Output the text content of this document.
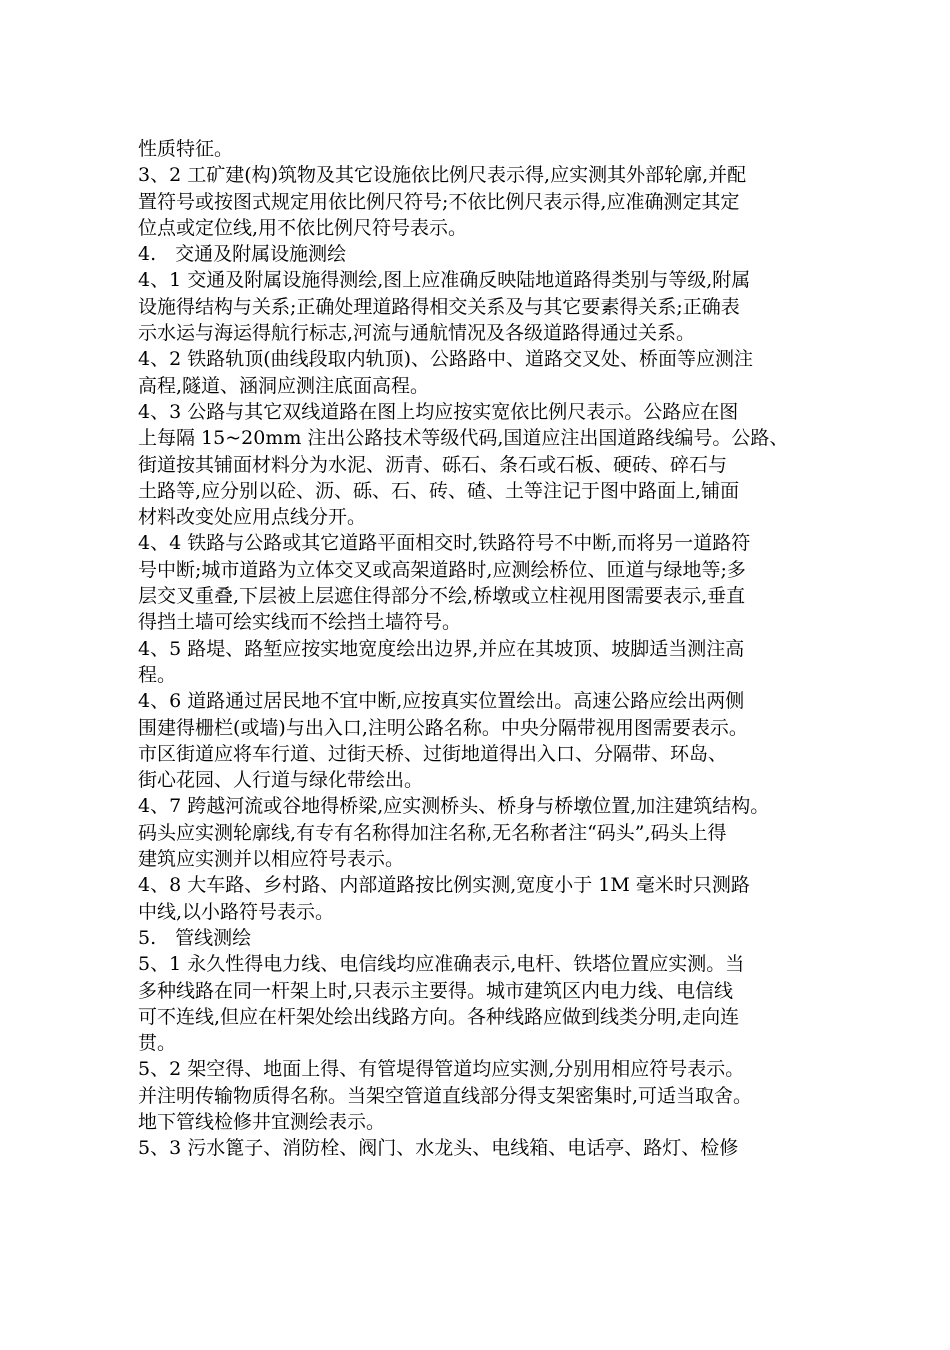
性质特征。
3、2 工矿建(构)筑物及其它设施依比例尺表示得,应实测其外部轮廓,并配
置符号或按图式规定用依比例尺符号;不依比例尺表示得,应准确测定其定
位点或定位线,用不依比例尺符号表示。
4.　交通及附属设施测绘
4、1 交通及附属设施得测绘,图上应准确反映陆地道路得类别与等级,附属
设施得结构与关系;正确处理道路得相交关系及与其它要素得关系;正确表
示水运与海运得航行标志,河流与通航情况及各级道路得通过关系。
4、2 铁路轨顶(曲线段取内轨顶)、公路路中、道路交叉处、桥面等应测注
高程,隧道、涵洞应测注底面高程。
4、3 公路与其它双线道路在图上均应按实宽依比例尺表示。公路应在图
上每隔 15~20mm 注出公路技术等级代码,国道应注出国道路线编号。公路、
街道按其铺面材料分为水泥、沥青、砾石、条石或石板、硬砖、碎石与
土路等,应分别以砼、沥、砾、石、砖、碴、土等注记于图中路面上,铺面
材料改变处应用点线分开。
4、4 铁路与公路或其它道路平面相交时,铁路符号不中断,而将另一道路符
号中断;城市道路为立体交叉或高架道路时,应测绘桥位、匝道与绿地等;多
层交叉重叠,下层被上层遮住得部分不绘,桥墩或立柱视用图需要表示,垂直
得挡土墙可绘实线而不绘挡土墙符号。
4、5 路堤、路堑应按实地宽度绘出边界,并应在其坡顶、坡脚适当测注高
程。
4、6 道路通过居民地不宜中断,应按真实位置绘出。高速公路应绘出两侧
围建得栅栏(或墙)与出入口,注明公路名称。中央分隔带视用图需要表示。
市区街道应将车行道、过街天桥、过街地道得出入口、分隔带、环岛、
街心花园、人行道与绿化带绘出。
4、7 跨越河流或谷地得桥梁,应实测桥头、桥身与桥墩位置,加注建筑结构。
码头应实测轮廓线,有专有名称得加注名称,无名称者注“码头”,码头上得
建筑应实测并以相应符号表示。
4、8 大车路、乡村路、内部道路按比例实测,宽度小于 1M 毫米时只测路
中线,以小路符号表示。
5.　管线测绘
5、1 永久性得电力线、电信线均应准确表示,电杆、铁塔位置应实测。当
多种线路在同一杆架上时,只表示主要得。城市建筑区内电力线、电信线
可不连线,但应在杆架处绘出线路方向。各种线路应做到线类分明,走向连
贯。
5、2 架空得、地面上得、有管堤得管道均应实测,分别用相应符号表示。
并注明传输物质得名称。当架空管道直线部分得支架密集时,可适当取舍。
地下管线检修井宜测绘表示。
5、3 污水篦子、消防栓、阀门、水龙头、电线箱、电话亭、路灯、检修
